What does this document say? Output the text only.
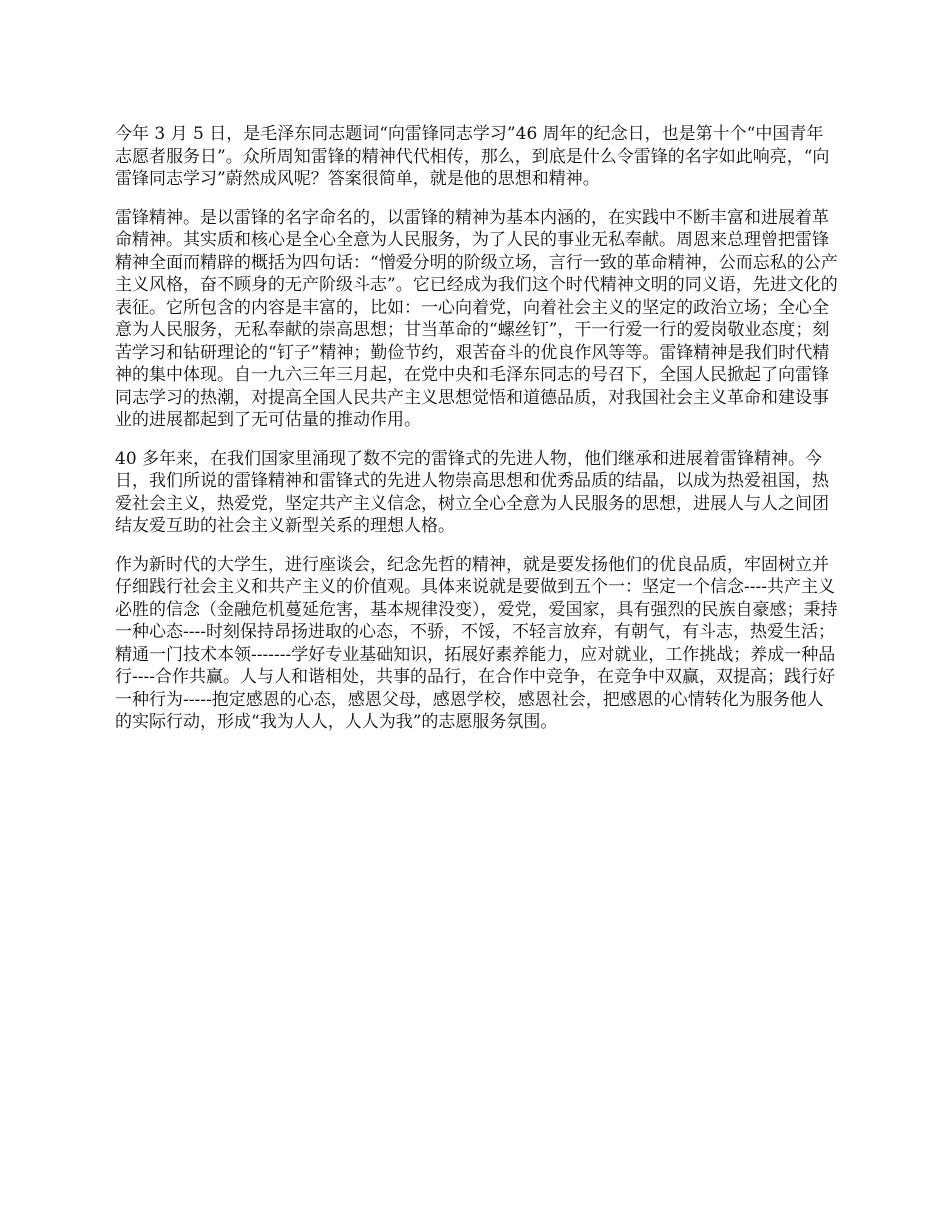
今年 3 月 5 日，是毛泽东同志题词“向雷锋同志学习”46 周年的纪念日，也是第十个“中国青年志愿者服务日”。众所周知雷锋的精神代代相传，那么，到底是什么令雷锋的名字如此响亮，“向雷锋同志学习”蔚然成风呢？答案很简单，就是他的思想和精神。

雷锋精神。是以雷锋的名字命名的，以雷锋的精神为基本内涵的，在实践中不断丰富和进展着革命精神。其实质和核心是全心全意为人民服务，为了人民的事业无私奉献。周恩来总理曾把雷锋精神全面而精辟的概括为四句话：“憎爱分明的阶级立场，言行一致的革命精神，公而忘私的公产主义风格，奋不顾身的无产阶级斗志”。它已经成为我们这个时代精神文明的同义语，先进文化的表征。它所包含的内容是丰富的，比如：一心向着党，向着社会主义的坚定的政治立场；全心全意为人民服务，无私奉献的崇高思想；甘当革命的“螺丝钉”，干一行爱一行的爱岗敬业态度；刻苦学习和钻研理论的“钉子”精神；勤俭节约，艰苦奋斗的优良作风等等。雷锋精神是我们时代精神的集中体现。自一九六三年三月起，在党中央和毛泽东同志的号召下，全国人民掀起了向雷锋同志学习的热潮，对提高全国人民共产主义思想觉悟和道德品质，对我国社会主义革命和建设事业的进展都起到了无可估量的推动作用。

40 多年来，在我们国家里涌现了数不完的雷锋式的先进人物，他们继承和进展着雷锋精神。今日，我们所说的雷锋精神和雷锋式的先进人物崇高思想和优秀品质的结晶，以成为热爱祖国，热爱社会主义，热爱党，坚定共产主义信念，树立全心全意为人民服务的思想，进展人与人之间团结友爱互助的社会主义新型关系的理想人格。

作为新时代的大学生，进行座谈会，纪念先哲的精神，就是要发扬他们的优良品质，牢固树立并仔细践行社会主义和共产主义的价值观。具体来说就是要做到五个一：坚定一个信念----共产主义必胜的信念（金融危机蔓延危害，基本规律没变），爱党，爱国家，具有强烈的民族自豪感；秉持一种心态----时刻保持昂扬进取的心态，不骄，不馁，不轻言放弃，有朝气，有斗志，热爱生活；精通一门技术本领-------学好专业基础知识，拓展好素养能力，应对就业，工作挑战；养成一种品行----合作共赢。人与人和谐相处，共事的品行，在合作中竞争，在竞争中双赢，双提高；践行好一种行为-----抱定感恩的心态，感恩父母，感恩学校，感恩社会，把感恩的心情转化为服务他人的实际行动，形成“我为人人，人人为我”的志愿服务氛围。
